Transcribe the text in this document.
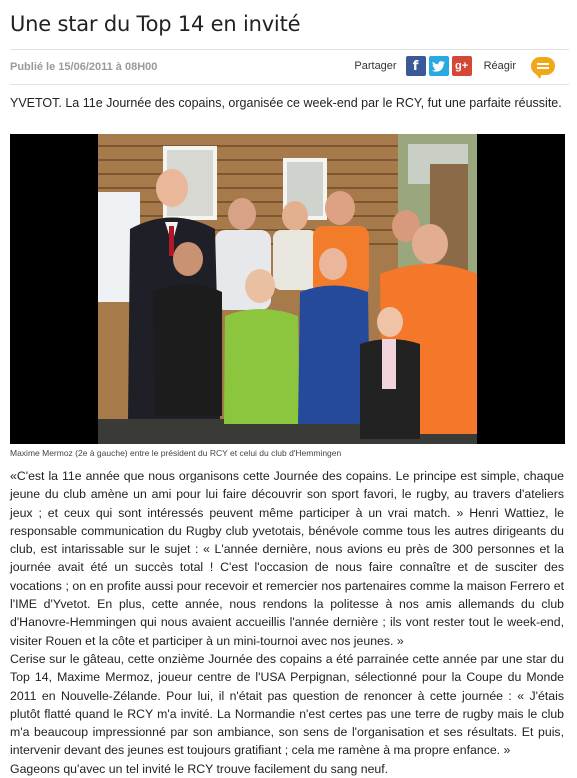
Une star du Top 14 en invité
Publié le 15/06/2011 à 08H00	Partager	f	g+	Réagir

YVETOT. La 11e Journée des copains, organisée ce week-end par le RCY, fut une parfaite réussite.

Maxime Mermoz (2e à gauche) entre le président du RCY et celui du club d'Hemmingen

«C'est la 11e année que nous organisons cette Journée des copains. Le principe est simple, chaque jeune du club amène un ami pour lui faire découvrir son sport favori, le rugby, au travers d'ateliers jeux ; et ceux qui sont intéressés peuvent même participer à un vrai match. » Henri Wattiez, le responsable communication du Rugby club yvetotais, bénévole comme tous les autres dirigeants du club, est intarissable sur le sujet : « L'année dernière, nous avions eu près de 300 personnes et la journée avait été un succès total ! C'est l'occasion de nous faire connaître et de susciter des vocations ; on en profite aussi pour recevoir et remercier nos partenaires comme la maison Ferrero et l'IME d'Yvetot. En plus, cette année, nous rendons la politesse à nos amis allemands du club d'Hanovre-Hemmingen qui nous avaient accueillis l'année dernière ; ils vont rester tout le week-end, visiter Rouen et la côte et participer à un mini-tournoi avec nos jeunes. »

Cerise sur le gâteau, cette onzième Journée des copains a été parrainée cette année par une star du Top 14, Maxime Mermoz, joueur centre de l'USA Perpignan, sélectionné pour la Coupe du Monde 2011 en Nouvelle-Zélande. Pour lui, il n'était pas question de renoncer à cette journée : « J'étais plutôt flatté quand le RCY m'a invité. La Normandie n'est certes pas une terre de rugby mais le club m'a beaucoup impressionné par son ambiance, son sens de l'organisation et ses résultats. Et puis, intervenir devant des jeunes est toujours gratifiant ; cela me ramène à ma propre enfance. »

Gageons qu'avec un tel invité le RCY trouve facilement du sang neuf.
